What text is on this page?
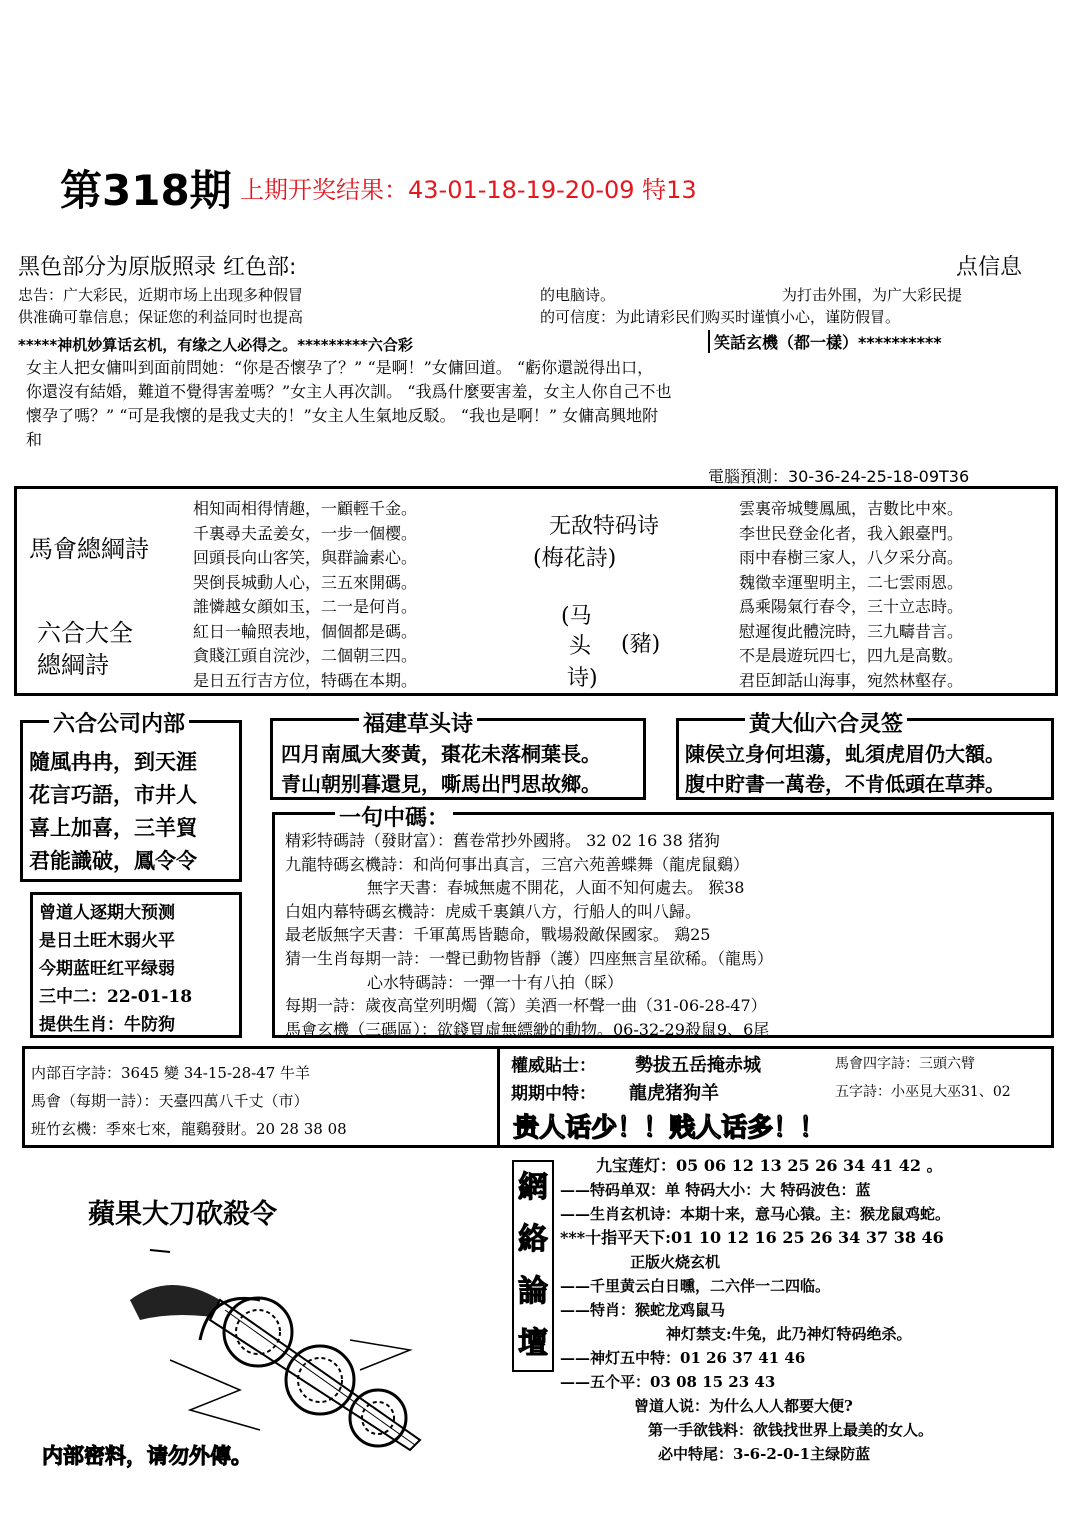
第318期 上期开奖结果：43-01-18-19-20-09 特13
黑色部分为原版照录 红色部:	点信息
忠告：广大彩民，近期市场上出现多种假冒	的电脑诗。	为打击外围，为广大彩民提
供准确可靠信息；保证您的利益同时也提高	的可信度：为此请彩民们购买时谨慎小心，谨防假冒。
*****神机妙算话玄机，有缘之人必得之。*********六合彩	笑話玄機（都一樣）**********
女主人把女傭叫到面前問她：“你是否懷孕了？” “是啊！”女傭回道。 “虧你還説得出口，
你還沒有結婚，難道不覺得害羞嗎？”女主人再次訓。 “我爲什麼要害羞，女主人你自己不也
懷孕了嗎？” “可是我懷的是我丈夫的！”女主人生氣地反駁。 “我也是啊！” 女傭高興地附
和
電腦預測：30-36-24-25-18-09T36
馬會總綱詩
六合大全
總綱詩
相知両相得情趣，一顧輕千金。
千裏尋夫孟姜女，一步一個樱。
回頭長向山客笑，與群論素心。
哭倒長城動人心，三五來開碼。
誰憐越女顔如玉，二一是何肖。
紅日一輪照表地，個個都是碼。
貪賤江頭自浣沙，二個朝三四。
是日五行吉方位，特碼在本期。
无敌特码诗
(梅花詩)
(马
头 (豬)
诗)
雲裏帝城雙鳳風，吉數比中來。
李世民登金化者，我入銀臺門。
雨中春樹三家人，八夕采分高。
魏徵幸運聖明主，二七雲雨恩。
爲乘陽氣行春令，三十立志時。
慰遲復此體浣時，三九疇昔言。
不是晨遊玩四七，四九是高數。
君臣卸話山海事，宛然林壑存。
六合公司内部
隨風冉冉，到天涯
花言巧語，市井人
喜上加喜，三羊貿
君能識破，鳳令令
福建草头诗
四月南風大麥黃，棗花未落桐葉長。
青山朝别暮還見，嘶馬出門思故鄉。
黄大仙六合灵签
陳侯立身何坦蕩，虬須虎眉仍大額。
腹中貯書一萬卷，不肯低頭在草莽。
曾道人逐期大预测
是日土旺木弱火平
今期蓝旺红平绿弱
三中二：22-01-18
提供生肖：牛防狗
一句中碼：
精彩特碼詩（發財富）：舊卷常抄外國將。 32 02 16 38 猪狗
九龍特碼玄機詩：和尚何事出真言，三宫六苑善蝶舞（龍虎鼠鷄）
無字天書：春城無處不開花，人面不知何處去。 猴38
白姐内幕特碼玄機詩：虎威千裏鎮八方，行船人的叫八歸。
最老版無字天書：千軍萬馬皆聽命，戰場殺敵保國家。 鶏25
猜一生肖每期一詩：一聲已動物皆靜（護）四座無言星欲稀。（龍馬）
心水特碼詩：一彈一十有八拍（睬）
每期一詩：歲夜高堂列明燭（篙）美酒一杯聲一曲（31-06-28-47）
馬會玄機（三碼區）：欲錢買虛無縹緲的動物。06-32-29殺鼠9、6尾
内部百字詩：3645 變 34-15-28-47 牛羊
馬會（每期一詩）：天臺四萬八千丈（市）
班竹玄機：季來七來，龍鷄發財。20 28 38 08
權威貼士： 勢拔五岳掩赤城	馬會四字詩：三頭六臂
期期中特： 龍虎猪狗羊	五字詩：小巫見大巫31、02
贵人话少！！贱人话多！！
蘋果大刀砍殺令
内部密料，请勿外傳。
網
絡
論
壇
九宝莲灯：05 06 12 13 25 26 34 41 42 。
——特码单双：单 特码大小：大 特码波色：蓝
——生肖玄机诗：本期十来，意马心猿。主：猴龙鼠鸡蛇。
***十指平天下:01 10 12 16 25 26 34 37 38 46
正版火烧玄机
——千里黄云白日曛，二六伴一二四临。
——特肖：猴蛇龙鸡鼠马
神灯禁支:牛兔，此乃神灯特码绝杀。
——神灯五中特：01 26 37 41 46
——五个平：03 08 15 23 43
曾道人说：为什么人人都要大便?
第一手欲钱料：欲钱找世界上最美的女人。
必中特尾：3-6-2-0-1主绿防蓝
